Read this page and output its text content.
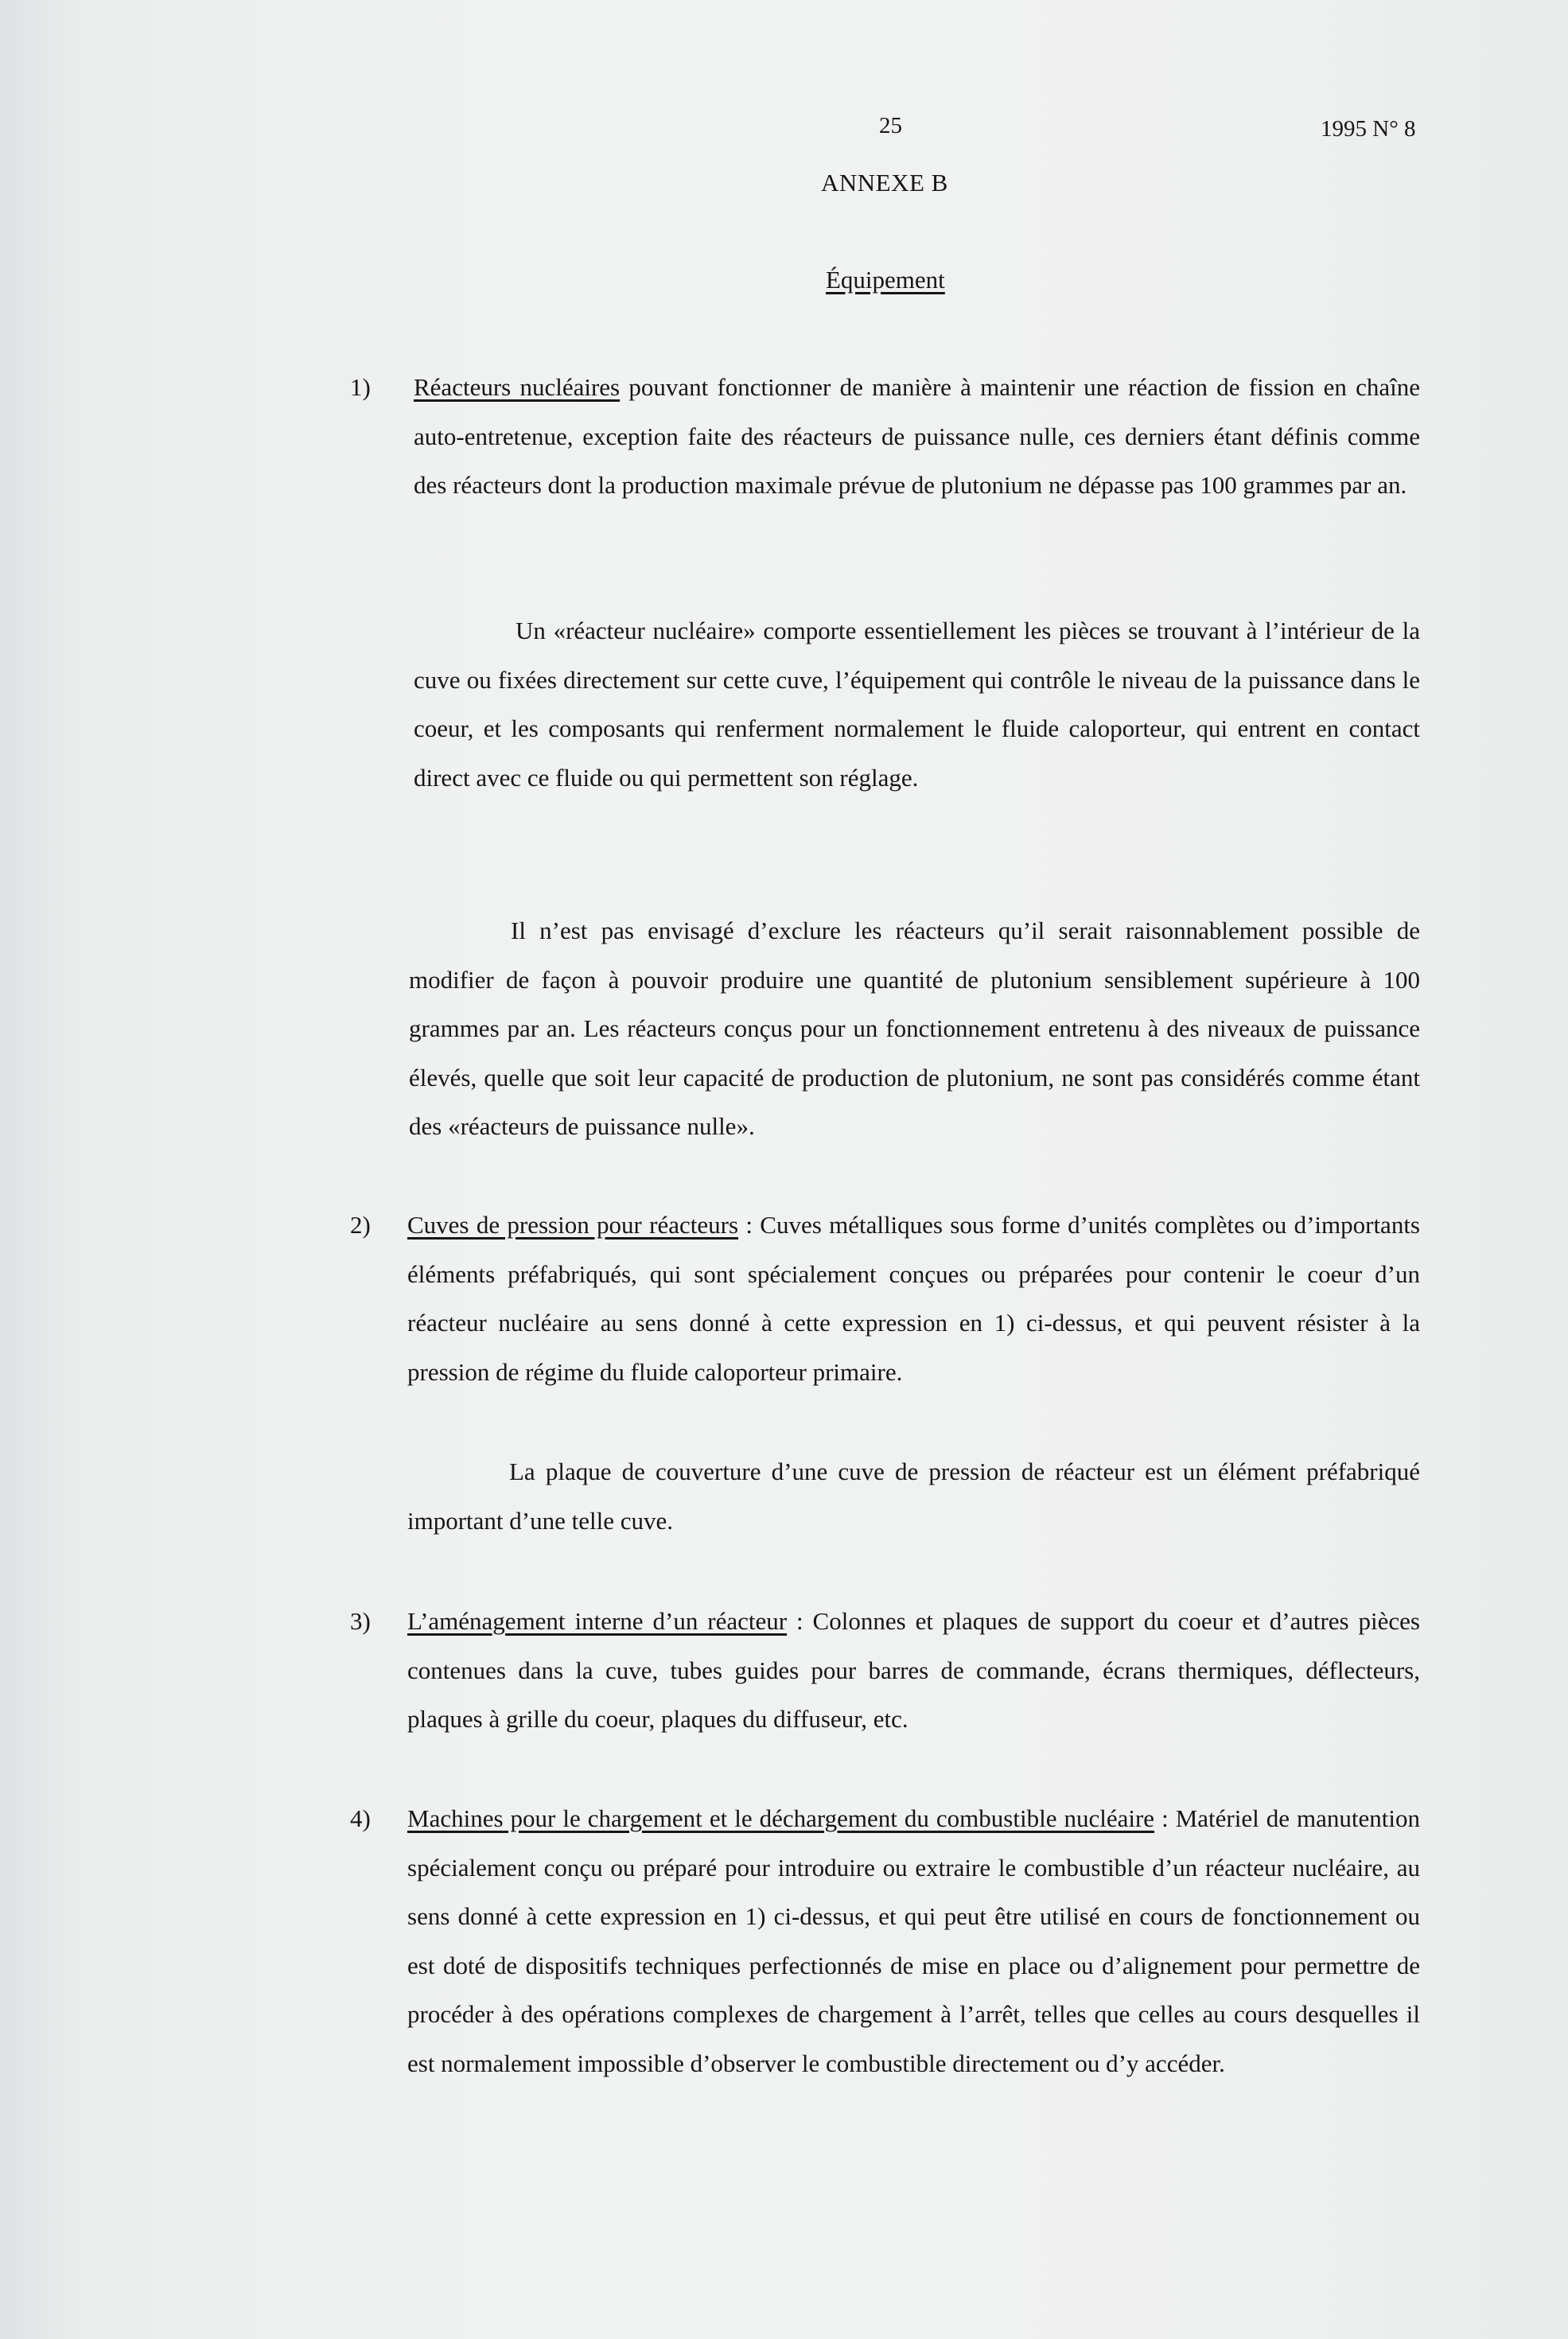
25	1995 N° 8
ANNEXE B
Équipement
1) Réacteurs nucléaires pouvant fonctionner de manière à maintenir une réaction de fission en chaîne auto-entretenue, exception faite des réacteurs de puissance nulle, ces derniers étant définis comme des réacteurs dont la production maximale prévue de plutonium ne dépasse pas 100 grammes par an.

Un «réacteur nucléaire» comporte essentiellement les pièces se trouvant à l’intérieur de la cuve ou fixées directement sur cette cuve, l’équipement qui contrôle le niveau de la puissance dans le coeur, et les composants qui renferment normalement le fluide caloporteur, qui entrent en contact direct avec ce fluide ou qui permettent son réglage.

Il n’est pas envisagé d’exclure les réacteurs qu’il serait raisonnablement possible de modifier de façon à pouvoir produire une quantité de plutonium sensiblement supérieure à 100 grammes par an. Les réacteurs conçus pour un fonctionnement entretenu à des niveaux de puissance élevés, quelle que soit leur capacité de production de plutonium, ne sont pas considérés comme étant des «réacteurs de puissance nulle».

2) Cuves de pression pour réacteurs : Cuves métalliques sous forme d’unités complètes ou d’importants éléments préfabriqués, qui sont spécialement conçues ou préparées pour contenir le coeur d’un réacteur nucléaire au sens donné à cette expression en 1) ci-dessus, et qui peuvent résister à la pression de régime du fluide caloporteur primaire.

La plaque de couverture d’une cuve de pression de réacteur est un élément préfabriqué important d’une telle cuve.

3) L’aménagement interne d’un réacteur : Colonnes et plaques de support du coeur et d’autres pièces contenues dans la cuve, tubes guides pour barres de commande, écrans thermiques, déflecteurs, plaques à grille du coeur, plaques du diffuseur, etc.
4) Machines pour le chargement et le déchargement du combustible nucléaire : Matériel de manutention spécialement conçu ou préparé pour introduire ou extraire le combustible d’un réacteur nucléaire, au sens donné à cette expression en 1) ci-dessus, et qui peut être utilisé en cours de fonctionnement ou est doté de dispositifs techniques perfectionnés de mise en place ou d’alignement pour permettre de procéder à des opérations complexes de chargement à l’arrêt, telles que celles au cours desquelles il est normalement impossible d’observer le combustible directement ou d’y accéder.
